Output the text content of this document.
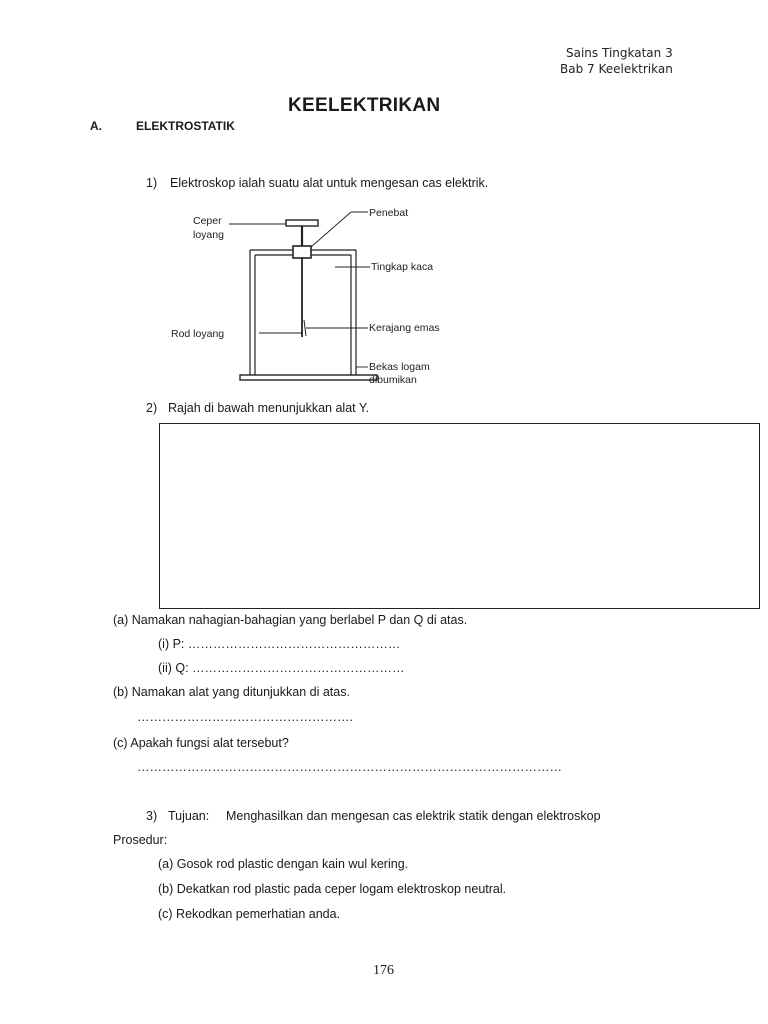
Sains Tingkatan 3
Bab 7 Keelektrikan
KEELEKTRIKAN
A.	ELEKTROSTATIK
1) Elektroskop ialah suatu alat untuk mengesan cas elektrik.
Ceper
loyang
Penebat
Tingkap kaca
Rod loyang	Kerajang emas
Bekas logam
dibumikan
2) Rajah di bawah menunjukkan alat Y.
(a) Namakan nahagian-bahagian yang berlabel P dan Q di atas.
(i) P: ……………………………………………
(ii) Q: ……………………………………………
(b) Namakan alat yang ditunjukkan di atas.
…………………………………………….
(c) Apakah fungsi alat tersebut?
…………………………………………………………………………………………
3) Tujuan: Menghasilkan dan mengesan cas elektrik statik dengan elektroskop
Prosedur:
(a) Gosok rod plastic dengan kain wul kering.
(b) Dekatkan rod plastic pada ceper logam elektroskop neutral.
(c) Rekodkan pemerhatian anda.
176
